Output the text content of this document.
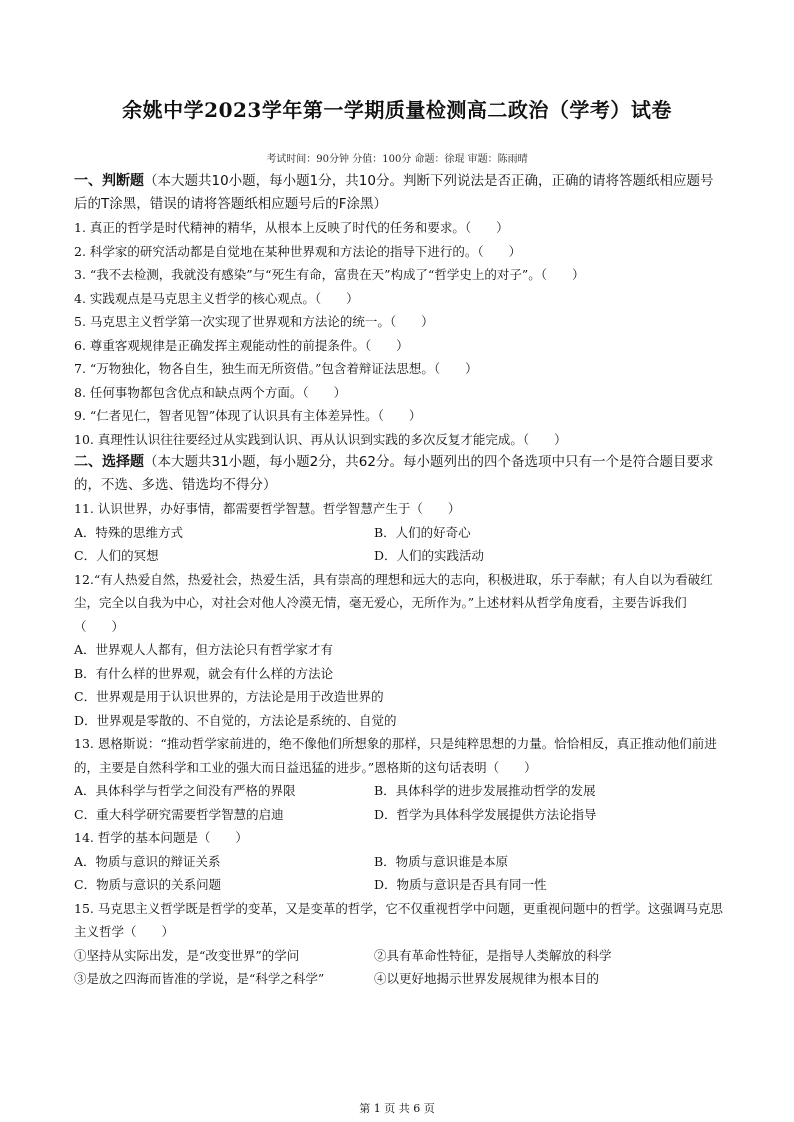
余姚中学2023学年第一学期质量检测高二政治（学考）试卷
考试时间：90分钟 分值：100分 命题：徐琨 审题：陈雨晴
一、判断题（本大题共10小题，每小题1分，共10分。判断下列说法是否正确，正确的请将答题纸相应题号后的T涂黑，错误的请将答题纸相应题号后的F涂黑）
1. 真正的哲学是时代精神的精华，从根本上反映了时代的任务和要求。（　　）
2. 科学家的研究活动都是自觉地在某种世界观和方法论的指导下进行的。（　　）
3. “我不去检测，我就没有感染”与“死生有命，富贵在天”构成了“哲学史上的对子”。（　　）
4. 实践观点是马克思主义哲学的核心观点。（　　）
5. 马克思主义哲学第一次实现了世界观和方法论的统一。（　　）
6. 尊重客观规律是正确发挥主观能动性的前提条件。（　　）
7. “万物独化，物各自生，独生而无所资借。”包含着辩证法思想。（　　）
8. 任何事物都包含优点和缺点两个方面。（　　）
9. “仁者见仁，智者见智”体现了认识具有主体差异性。（　　）
10. 真理性认识往往要经过从实践到认识、再从认识到实践的多次反复才能完成。（　　）
二、选择题（本大题共31小题，每小题2分，共62分。每小题列出的四个备选项中只有一个是符合题目要求的，不选、多选、错选均不得分）
11. 认识世界，办好事情，都需要哲学智慧。哲学智慧产生于（　　）
A．特殊的思维方式	B．人们的好奇心
C．人们的冥想	D．人们的实践活动
12.“有人热爱自然，热爱社会，热爱生活，具有崇高的理想和远大的志向，积极进取，乐于奉献；有人自以为看破红尘，完全以自我为中心，对社会对他人冷漠无情，毫无爱心，无所作为。”上述材料从哲学角度看，主要告诉我们（　　）
A．世界观人人都有，但方法论只有哲学家才有
B．有什么样的世界观，就会有什么样的方法论
C．世界观是用于认识世界的，方法论是用于改造世界的
D．世界观是零散的、不自觉的，方法论是系统的、自觉的
13. 恩格斯说：“推动哲学家前进的，绝不像他们所想象的那样，只是纯粹思想的力量。恰恰相反，真正推动他们前进的，主要是自然科学和工业的强大而日益迅猛的进步。”恩格斯的这句话表明（　　）
A．具体科学与哲学之间没有严格的界限	B．具体科学的进步发展推动哲学的发展
C．重大科学研究需要哲学智慧的启迪	D．哲学为具体科学发展提供方法论指导
14. 哲学的基本问题是（　　）
A．物质与意识的辩证关系	B．物质与意识谁是本原
C．物质与意识的关系问题	D．物质与意识是否具有同一性
15. 马克思主义哲学既是哲学的变革，又是变革的哲学，它不仅重视哲学中问题，更重视问题中的哲学。这强调马克思主义哲学（　　）
①坚持从实际出发，是“改变世界”的学问	②具有革命性特征，是指导人类解放的科学
③是放之四海而皆准的学说，是“科学之科学”	④以更好地揭示世界发展规律为根本目的
第 1 页 共 6 页
